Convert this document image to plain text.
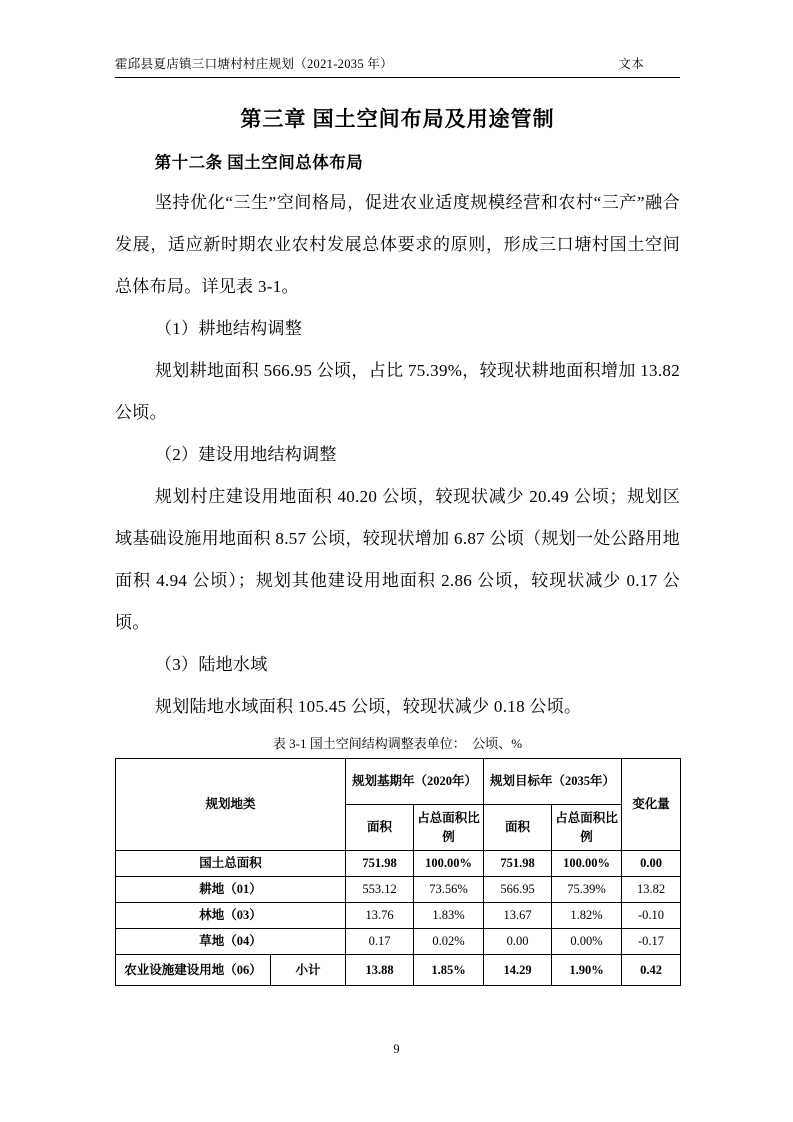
霍邱县夏店镇三口塘村村庄规划（2021-2035 年）	文本
第三章 国土空间布局及用途管制
第十二条 国土空间总体布局

坚持优化“三生”空间格局，促进农业适度规模经营和农村“三产”融合发展，适应新时期农业农村发展总体要求的原则，形成三口塘村国土空间总体布局。详见表 3-1。

（1）耕地结构调整

规划耕地面积 566.95 公顷，占比 75.39%，较现状耕地面积增加 13.82 公顷。

（2）建设用地结构调整

规划村庄建设用地面积 40.20 公顷，较现状减少 20.49 公顷；规划区域基础设施用地面积 8.57 公顷，较现状增加 6.87 公顷（规划一处公路用地面积 4.94 公顷）；规划其他建设用地面积 2.86 公顷，较现状减少 0.17 公顷。

（3）陆地水域

规划陆地水域面积 105.45 公顷，较现状减少 0.18 公顷。

表 3-1 国土空间结构调整表单位：　公顷、%

规划地类		规划基期年（2020年）		规划目标年（2035年）		变化量
		面积	占总面积比例	面积	占总面积比例	
国土总面积		751.98	100.00%	751.98	100.00%	0.00
耕地（01）		553.12	73.56%	566.95	75.39%	13.82
林地（03）		13.76	1.83%	13.67	1.82%	-0.10
草地（04）		0.17	0.02%	0.00	0.00%	-0.17
农业设施建设用地（06）	小计	13.88	1.85%	14.29	1.90%	0.42
9
